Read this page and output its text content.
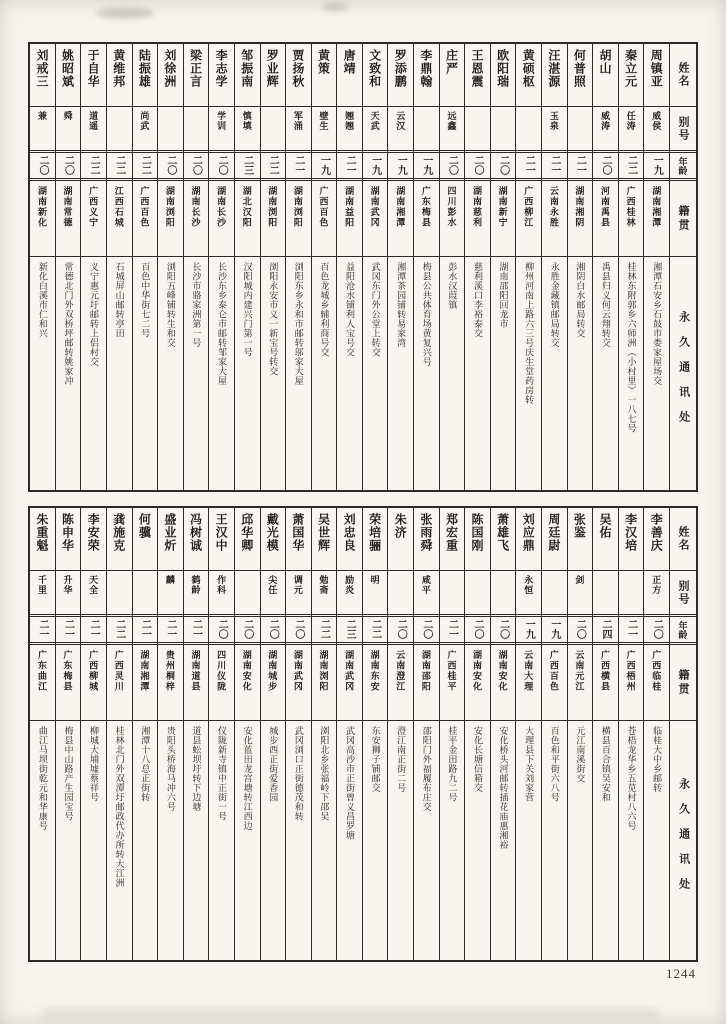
姓名
别号
年龄
籍贯
永久通讯处
周镇亚
威侯
一九
湖南湘潭
湘潭石安乡石鼓市娄家屋场交
秦立元
任涛
二二
广西桂林
桂林东附郭乡六师洲（小村里）一八七号
胡山
威涛
二〇
河南禹县
禹县归义何云翔转交
何普照
二一
湖南湘阴
湘阴白水邮局转交
汪湛源
玉泉
二一
云南永胜
永胜金藏镇邮局转交
黄硕枢
二一
广西柳江
柳州河南上路六三号庆生堂药房转
欧阳瑞
二〇
湖南新宁
湖南邵阳回龙市
王恩震
二〇
湖南慈利
慈利溪口李裕泰交
庄严
远鑫
二〇
四川彭水
彭水汉葭镇
李鼎翰
一九
广东梅县
梅县公共体育场黄复兴号
罗添鹏
云汉
一九
湖南湘潭
湘潭茶园铺转易家湾
文致和
天武
一九
湖南武冈
武冈东门外公堂上转交
唐靖
翘翘
二一
湖南益阳
益阳沧水铺利人宝号交
黄策
壁生
一九
广西百色
百色龙城乡辅利商号交
贾扬秋
军涌
二一
湖南浏阳
浏阳东乡永和市邮转邬家大屋
罗业辉
二二
湖南浏阳
浏阳永安市义一新宝号转交
邹振南
慎填
二三
湖北汉阳
汉阳城内建兴门第一号
李志学
学训
二〇
湖南长沙
长沙东乡泰仑市邮转邹家大屋
梁正言
二〇
湖南长沙
长沙市骆家洲第一号
刘徐洲
二〇
湖南浏阳
浏阳五峰铺转生和交
陆振雄
尚武
二二
广西百色
百色中华街七二号
黄维邦
二二
江西石城
石城屏山邮转亭田
于自华
道遥
二二
广西义宁
义宁惠元圩邮转上侣村交
姚昭斌
舜
二〇
湖南常德
常德北门外双桥坪邮转姚家冲
刘戒三
兼
二〇
湖南新化
新化白溪市仁和兴
姓名
别号
年龄
籍贯
永久通讯处
李善庆
正方
二〇
广西临桂
临桂大中乡邮转
李汉培
二一
广西梧州
苍梧龙华乡五苋村八六号
吴佑
二四
广西横县
横县百合镇吴安和
张鉴
剑
二〇
云南元江
元江南溪街交
周廷尉
一九
广西百色
百色和平街六八号
刘应鼎
永恒
一九
云南大理
大理县下关刘家营
萧雄飞
二〇
湖南安化
安化桥头河邮转插花庙惠湘裕
陈国刚
二〇
湖南安化
安化长塘信箱交
郑宏重
二一
广西桂平
桂平金田路九二号
张雨舜
咸平
二〇
湖南邵阳
邵阳门外福履布庄交
朱济
二〇
云南澄江
澄江南正街二号
荣培骊
明
二二
湖南东安
东安狮子铺邮交
刘忠良
励炎
二三
湖南武冈
武冈高沙市正街曾义昌罗塘
吴世辉
勉斋
二二
湖南浏阳
浏阳北乡张福岭下邵吴
萧国华
调元
二〇
湖南武冈
武冈浏口正街德茂和转
戴光模
尖任
二〇
湖南城步
城步西正街爱香园
邱华卿
二〇
湖南安化
安化蓝田龙宫塘转江西边
王汉中
作科
二〇
四川仪陇
仪陇新寺镇中正街一号
冯树诚
鹤龄
二一
湖南道县
道县蚣坝圩转下边塘
盛业炘
麟
二一
贵州桐梓
贵阳头桥海马冲六号
何骥
二一
湖南湘潭
湘潭十八总正街转
龚施克
二二
广西灵川
桂林北门外双潭圩邮政代办所转大江洲
李安荣
天全
二一
广西柳城
柳城大埔墟蔡祥号
陈申华
升华
二一
广东梅县
梅县中山路产生园宝号
朱重魁
千里
二一
广东曲江
曲江马坝街乾元和华康号
1244
